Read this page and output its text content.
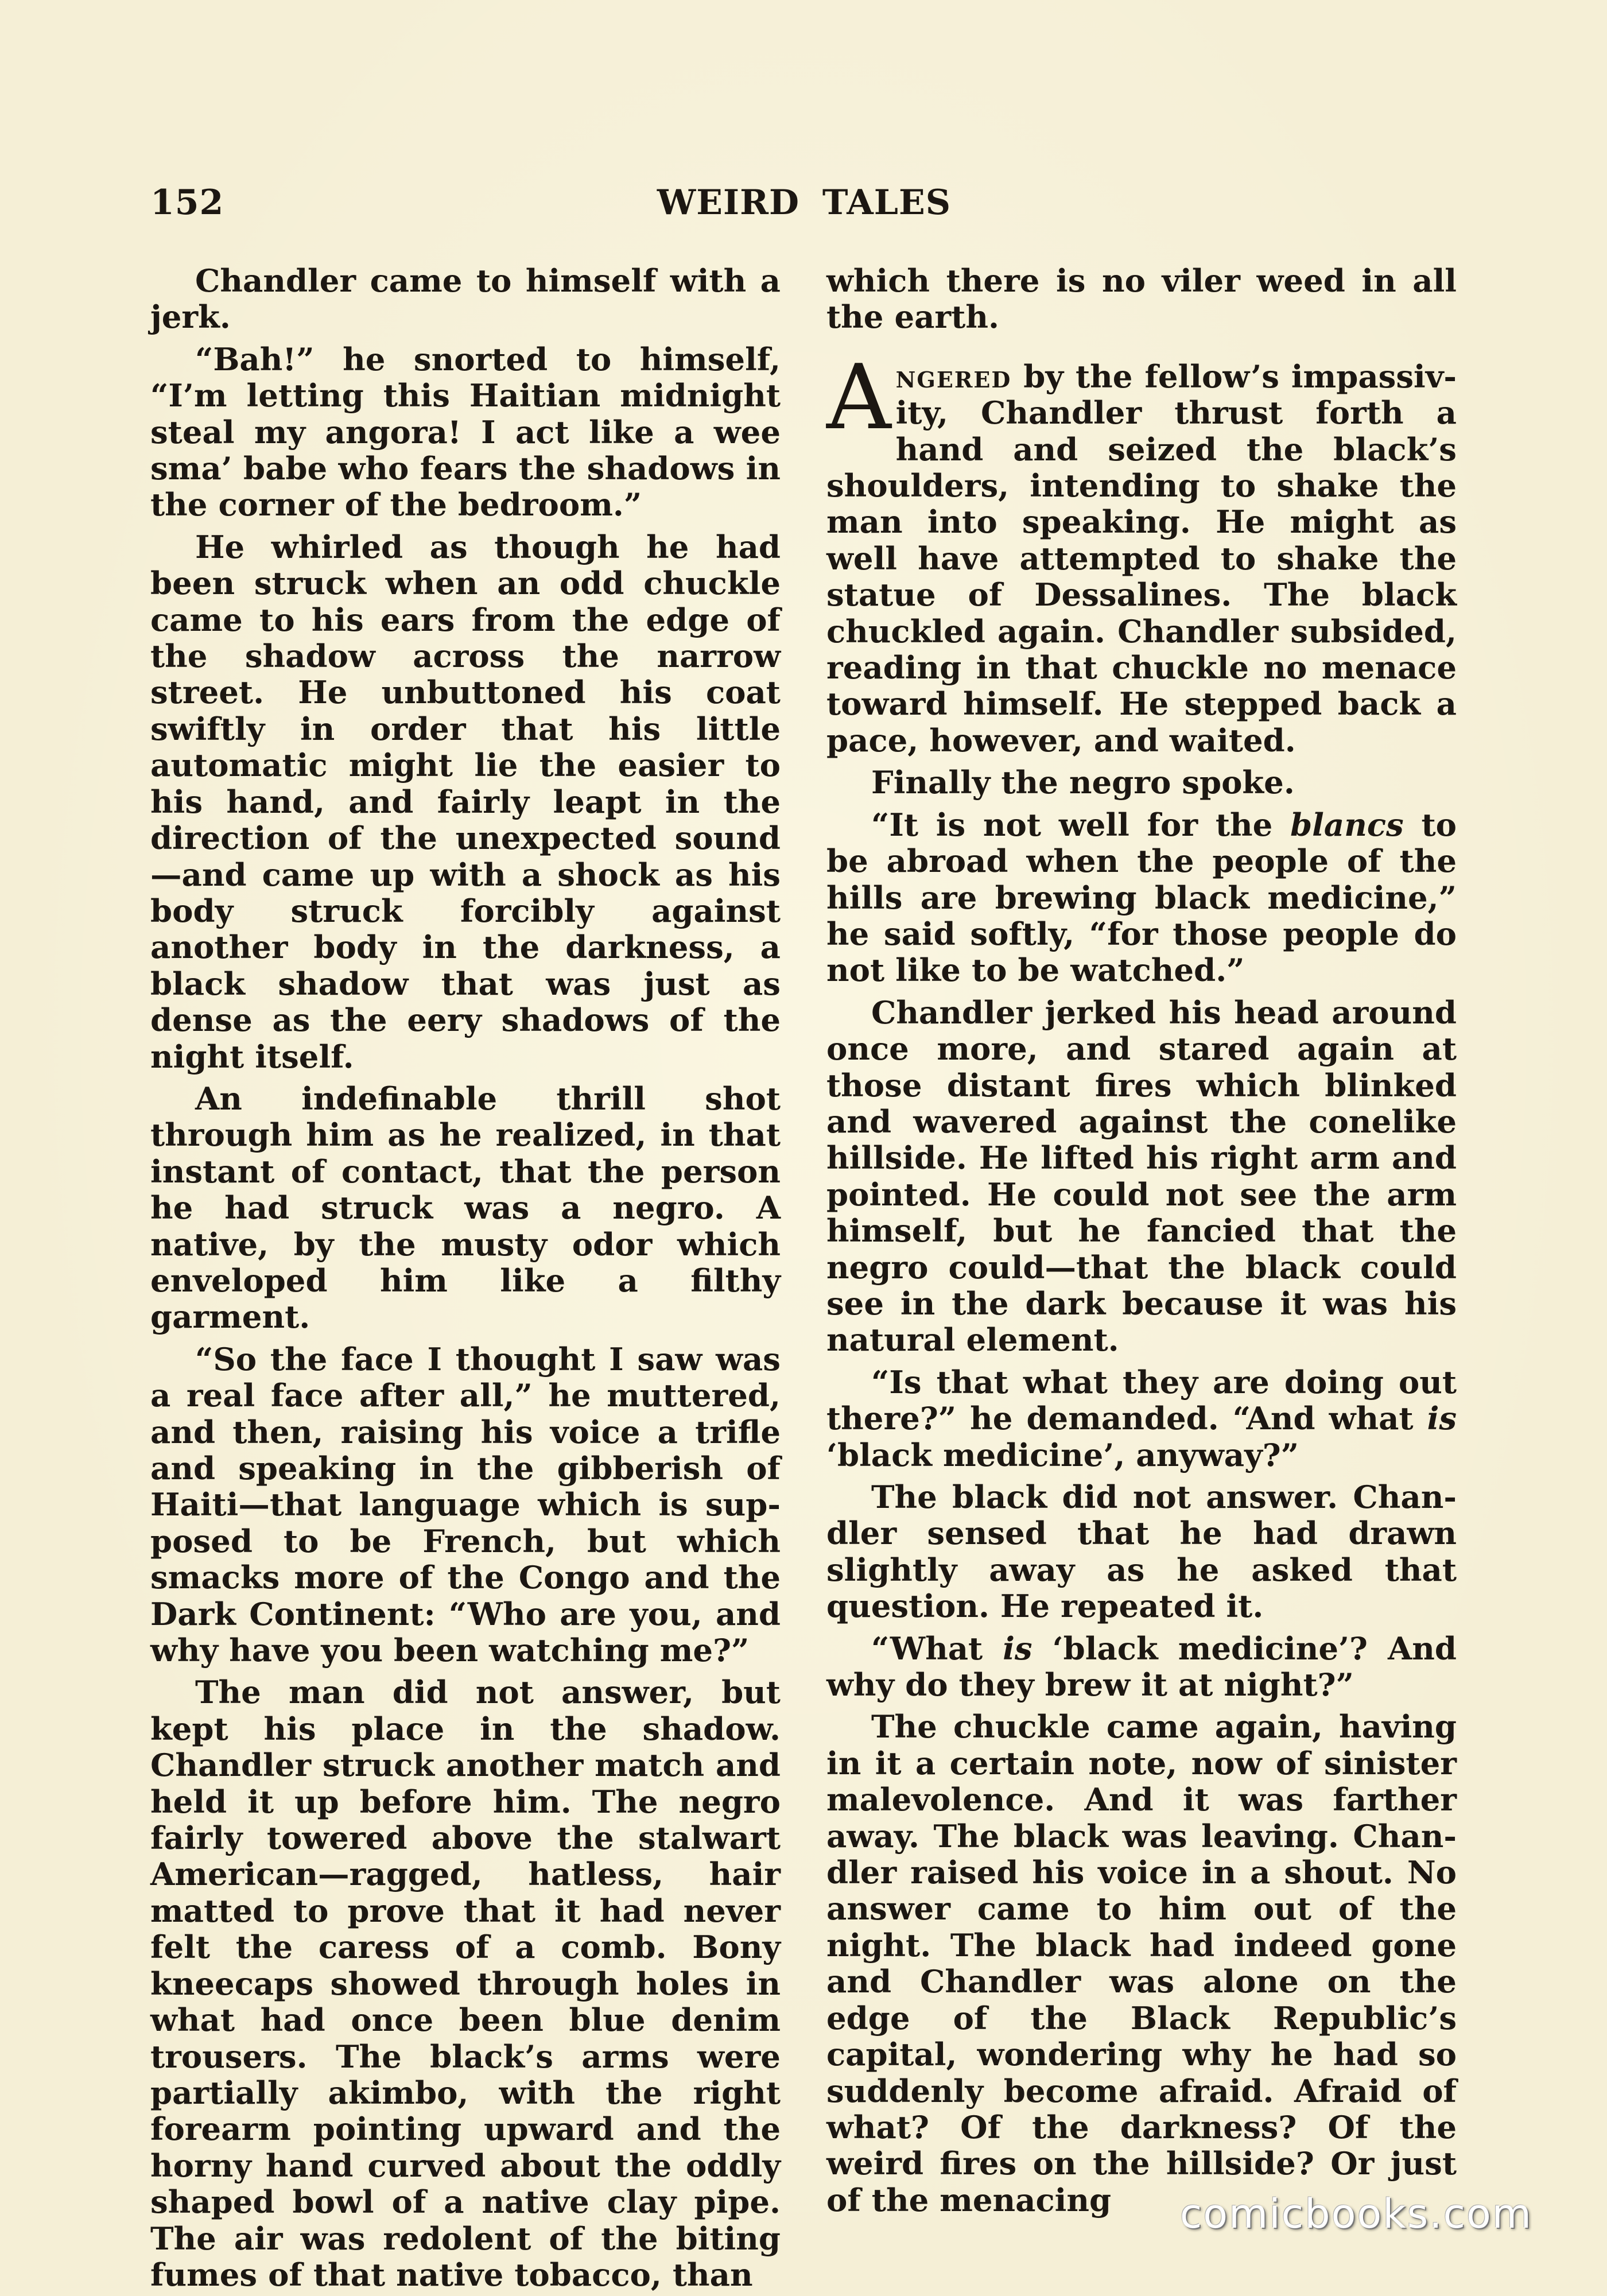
152	WEIRD TALES

Chandler came to himself with a jerk.

“Bah!” he snorted to himself, “I’m letting this Haitian midnight steal my angora! I act like a wee sma’ babe who fears the shadows in the corner of the bedroom.”

He whirled as though he had been struck when an odd chuckle came to his ears from the edge of the shadow across the narrow street. He unbuttoned his coat swiftly in order that his little automatic might lie the easier to his hand, and fairly leapt in the direction of the unexpected sound —and came up with a shock as his body struck forcibly against another body in the darkness, a black shadow that was just as dense as the eery shadows of the night itself.

An indefinable thrill shot through him as he realized, in that instant of contact, that the person he had struck was a negro. A native, by the musty odor which enveloped him like a filthy garment.

“So the face I thought I saw was a real face after all,” he muttered, and then, raising his voice a trifle and speaking in the gibberish of Haiti—that language which is supposed to be French, but which smacks more of the Congo and the Dark Continent: “Who are you, and why have you been watching me?”

The man did not answer, but kept his place in the shadow. Chandler struck another match and held it up before him. The negro fairly towered above the stalwart American—ragged, hatless, hair matted to prove that it had never felt the caress of a comb. Bony kneecaps showed through holes in what had once been blue denim trousers. The black’s arms were partially akimbo, with the right forearm pointing upward and the horny hand curved about the oddly shaped bowl of a native clay pipe. The air was redolent of the biting fumes of that native tobacco, than

which there is no viler weed in all the earth.

Angered by the fellow’s impassivity, Chandler thrust forth a hand and seized the black’s shoulders, intending to shake the man into speaking. He might as well have attempted to shake the statue of Dessalines. The black chuckled again. Chandler subsided, reading in that chuckle no menace toward himself. He stepped back a pace, however, and waited.

Finally the negro spoke.

“It is not well for the blancs to be abroad when the people of the hills are brewing black medicine,” he said softly, “for those people do not like to be watched.”

Chandler jerked his head around once more, and stared again at those distant fires which blinked and wavered against the conelike hillside. He lifted his right arm and pointed. He could not see the arm himself, but he fancied that the negro could—that the black could see in the dark because it was his natural element.

“Is that what they are doing out there?” he demanded. “And what is ‘black medicine’, anyway?”

The black did not answer. Chandler sensed that he had drawn slightly away as he asked that question. He repeated it.

“What is ‘black medicine’? And why do they brew it at night?”

The chuckle came again, having in it a certain note, now of sinister malevolence. And it was farther away. The black was leaving. Chandler raised his voice in a shout. No answer came to him out of the night. The black had indeed gone and Chandler was alone on the edge of the Black Republic’s capital, wondering why he had so suddenly become afraid. Afraid of what? Of the darkness? Of the weird fires on the hillside? Or just of the menacing	comicbooks.com
